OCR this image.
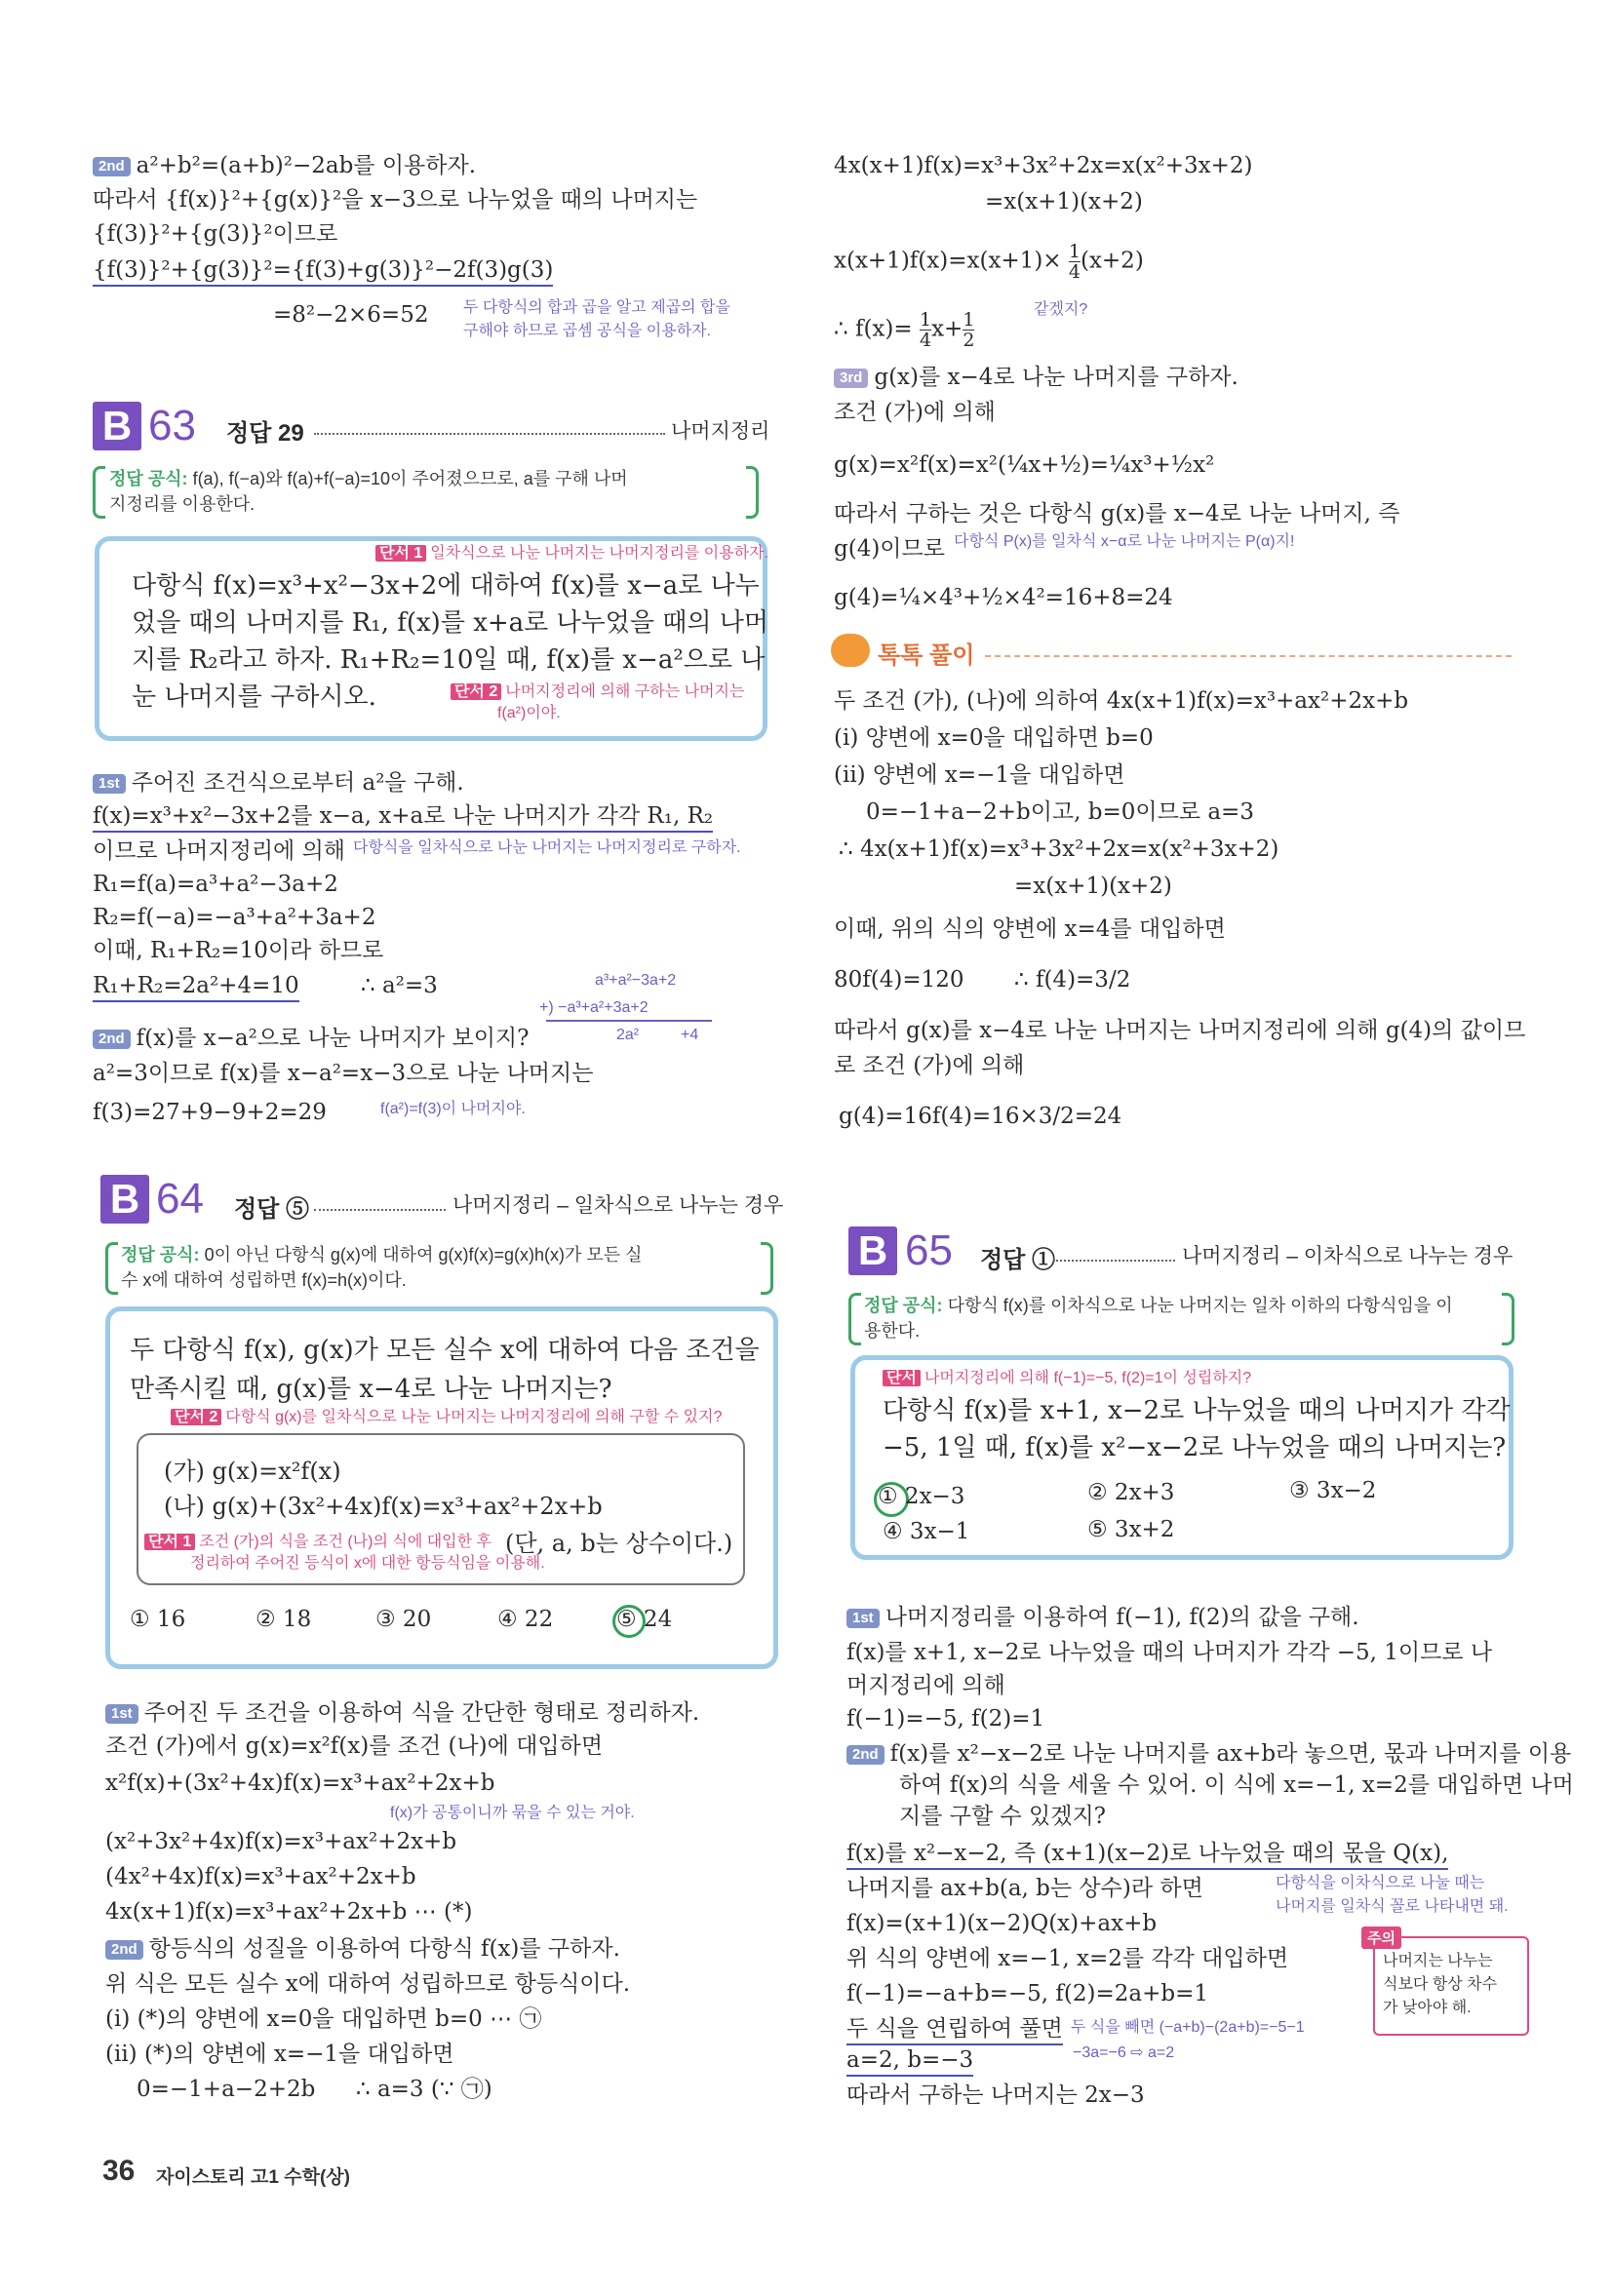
2nd a²+b²=(a+b)²−2ab를 이용하자.
따라서 {f(x)}²+{g(x)}²을 x−3으로 나누었을 때의 나머지는
{f(3)}²+{g(3)}²이므로
{f(3)}²+{g(3)}²={f(3)+g(3)}²−2f(3)g(3)
=8²−2×6=52 두 다항식의 합과 곱을 알고 제곱의 합을
구해야 하므로 곱셈 공식을 이용하자.
B 63 정답 29	나머지정리
정답 공식: f(a), f(−a)와 f(a)+f(−a)=10이 주어졌으므로, a를 구해 나머
지정리를 이용한다.
단서 1 일차식으로 나눈 나머지는 나머지정리를 이용하자.
다항식 f(x)=x³+x²−3x+2에 대하여 f(x)를 x−a로 나누
었을 때의 나머지를 R₁, f(x)를 x+a로 나누었을 때의 나머
지를 R₂라고 하자. R₁+R₂=10일 때, f(x)를 x−a²으로 나
눈 나머지를 구하시오.	단서 2 나머지정리에 의해 구하는 나머지는
f(a²)이야.
1st 주어진 조건식으로부터 a²을 구해.
f(x)=x³+x²−3x+2를 x−a, x+a로 나눈 나머지가 각각 R₁, R₂
이므로 나머지정리에 의해 다항식을 일차식으로 나눈 나머지는 나머지정리로 구하자.
R₁=f(a)=a³+a²−3a+2
R₂=f(−a)=−a³+a²+3a+2
이때, R₁+R₂=10이라 하므로
R₁+R₂=2a²+4=10	∴ a²=3	a³+a²−3a+2
+) −a³+a²+3a+2
2a²	+4
2nd f(x)를 x−a²으로 나눈 나머지가 보이지?
a²=3이므로 f(x)를 x−a²=x−3으로 나눈 나머지는
f(3)=27+9−9+2=29	f(a²)=f(3)이 나머지야.
B 64 정답 ⑤	나머지정리 – 일차식으로 나누는 경우
정답 공식: 0이 아닌 다항식 g(x)에 대하여 g(x)f(x)=g(x)h(x)가 모든 실
수 x에 대하여 성립하면 f(x)=h(x)이다.
두 다항식 f(x), g(x)가 모든 실수 x에 대하여 다음 조건을
만족시킬 때, g(x)를 x−4로 나눈 나머지는?
단서 2 다항식 g(x)를 일차식으로 나눈 나머지는 나머지정리에 의해 구할 수 있지?
(가) g(x)=x²f(x)
(나) g(x)+(3x²+4x)f(x)=x³+ax²+2x+b
단서 1 조건 (가)의 식을 조건 (나)의 식에 대입한 후
정리하여 주어진 등식이 x에 대한 항등식임을 이용해.
(단, a, b는 상수이다.)
① 16	② 18	③ 20	④ 22	⑤ 24
1st 주어진 두 조건을 이용하여 식을 간단한 형태로 정리하자.
조건 (가)에서 g(x)=x²f(x)를 조건 (나)에 대입하면
x²f(x)+(3x²+4x)f(x)=x³+ax²+2x+b
f(x)가 공통이니까 묶을 수 있는 거야.
(x²+3x²+4x)f(x)=x³+ax²+2x+b
(4x²+4x)f(x)=x³+ax²+2x+b
4x(x+1)f(x)=x³+ax²+2x+b ⋯ (*)
2nd 항등식의 성질을 이용하여 다항식 f(x)를 구하자.
위 식은 모든 실수 x에 대하여 성립하므로 항등식이다.
(i) (*)의 양변에 x=0을 대입하면 b=0 ⋯ ㉠
(ii) (*)의 양변에 x=−1을 대입하면
0=−1+a−2+2b ∴ a=3 (∵ ㉠)
4x(x+1)f(x)=x³+3x²+2x=x(x²+3x+2)
=x(x+1)(x+2)
$x(x+1)f(x)=x(x+1)\times \frac{1}{4} (x+2)$
∴ $f(x)= \frac{1}{4} x+ \frac{1}{2}$
같겠지?
3rd g(x)를 x−4로 나눈 나머지를 구하자.
조건 (가)에 의해
g(x)=x²f(x)=x²(¼x+½)=¼x³+½x²
따라서 구하는 것은 다항식 g(x)를 x−4로 나눈 나머지, 즉
g(4)이므로 다항식 P(x)를 일차식 x−α로 나눈 나머지는 P(α)지!
g(4)=¼×4³+½×4²=16+8=24
톡톡 풀이
두 조건 (가), (나)에 의하여 4x(x+1)f(x)=x³+ax²+2x+b
(i) 양변에 x=0을 대입하면 b=0
(ii) 양변에 x=−1을 대입하면
0=−1+a−2+b이고, b=0이므로 a=3
∴ 4x(x+1)f(x)=x³+3x²+2x=x(x²+3x+2)
=x(x+1)(x+2)
이때, 위의 식의 양변에 x=4를 대입하면
80f(4)=120 ∴ f(4)=3/2
따라서 g(x)를 x−4로 나눈 나머지는 나머지정리에 의해 g(4)의 값이므
로 조건 (가)에 의해
g(4)=16f(4)=16×3/2=24
B 65 정답 ①	나머지정리 – 이차식으로 나누는 경우
정답 공식: 다항식 f(x)를 이차식으로 나눈 나머지는 일차 이하의 다항식임을 이
용한다.
단서 나머지정리에 의해 f(−1)=−5, f(2)=1이 성립하지?
다항식 f(x)를 x+1, x−2로 나누었을 때의 나머지가 각각
−5, 1일 때, f(x)를 x²−x−2로 나누었을 때의 나머지는?
① 2x−3	② 2x+3	③ 3x−2
④ 3x−1	⑤ 3x+2
1st 나머지정리를 이용하여 f(−1), f(2)의 값을 구해.
f(x)를 x+1, x−2로 나누었을 때의 나머지가 각각 −5, 1이므로 나
머지정리에 의해
f(−1)=−5, f(2)=1
2nd f(x)를 x²−x−2로 나눈 나머지를 ax+b라 놓으면, 몫과 나머지를 이용
하여 f(x)의 식을 세울 수 있어. 이 식에 x=−1, x=2를 대입하면 나머
지를 구할 수 있겠지?
f(x)를 x²−x−2, 즉 (x+1)(x−2)로 나누었을 때의 몫을 Q(x),
나머지를 ax+b(a, b는 상수)라 하면	다항식을 이차식으로 나눌 때는
나머지를 일차식 꼴로 나타내면 돼.
f(x)=(x+1)(x−2)Q(x)+ax+b
위 식의 양변에 x=−1, x=2를 각각 대입하면
f(−1)=−a+b=−5, f(2)=2a+b=1
두 식을 연립하여 풀면 두 식을 빼면 (−a+b)−(2a+b)=−5−1
a=2, b=−3	−3a=−6 ⇨ a=2
따라서 구하는 나머지는 2x−3
주의
나머지는 나누는
식보다 항상 차수
가 낮아야 해.
36 자이스토리 고1 수학(상)
